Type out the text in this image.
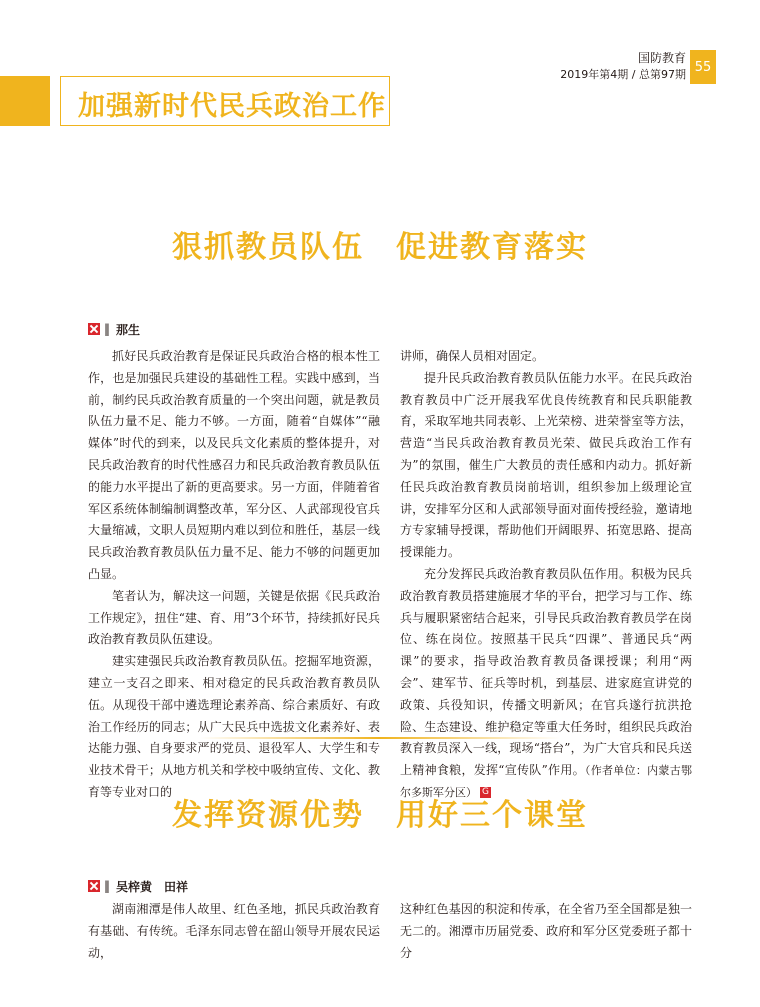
加强新时代民兵政治工作
国防教育
2019年第4期 / 总第97期 55
狠抓教员队伍　促进教育落实
‖ 那生

抓好民兵政治教育是保证民兵政治合格的根本性工作，也是加强民兵建设的基础性工程。实践中感到，当前，制约民兵政治教育质量的一个突出问题，就是教员队伍力量不足、能力不够。一方面，随着“自媒体”“融媒体”时代的到来，以及民兵文化素质的整体提升，对民兵政治教育的时代性感召力和民兵政治教育教员队伍的能力水平提出了新的更高要求。另一方面，伴随着省军区系统体制编制调整改革，军分区、人武部现役官兵大量缩减，文职人员短期内难以到位和胜任，基层一线民兵政治教育教员队伍力量不足、能力不够的问题更加凸显。

笔者认为，解决这一问题，关键是依据《民兵政治工作规定》，扭住“建、育、用”3个环节，持续抓好民兵政治教育教员队伍建设。

建实建强民兵政治教育教员队伍。挖掘军地资源，建立一支召之即来、相对稳定的民兵政治教育教员队伍。从现役干部中遴选理论素养高、综合素质好、有政治工作经历的同志；从广大民兵中选拔文化素养好、表达能力强、自身要求严的党员、退役军人、大学生和专业技术骨干；从地方机关和学校中吸纳宣传、文化、教育等专业对口的

讲师，确保人员相对固定。

提升民兵政治教育教员队伍能力水平。在民兵政治教育教员中广泛开展我军优良传统教育和民兵职能教育，采取军地共同表彰、上光荣榜、进荣誉室等方法，营造“当民兵政治教育教员光荣、做民兵政治工作有为”的氛围，催生广大教员的责任感和内动力。抓好新任民兵政治教育教员岗前培训，组织参加上级理论宣讲，安排军分区和人武部领导面对面传授经验，邀请地方专家辅导授课，帮助他们开阔眼界、拓宽思路、提高授课能力。

充分发挥民兵政治教育教员队伍作用。积极为民兵政治教育教员搭建施展才华的平台，把学习与工作、练兵与履职紧密结合起来，引导民兵政治教育教员学在岗位、练在岗位。按照基干民兵“四课”、普通民兵“两课”的要求，指导政治教育教员备课授课；利用“两会”、建军节、征兵等时机，到基层、进家庭宣讲党的政策、兵役知识，传播文明新风；在官兵遂行抗洪抢险、生态建设、维护稳定等重大任务时，组织民兵政治教育教员深入一线，现场“搭台”，为广大官兵和民兵送上精神食粮，发挥“宣传队”作用。（作者单位：内蒙古鄂尔多斯军分区） G

发挥资源优势　用好三个课堂
‖ 吴梓黄　田祥

湖南湘潭是伟人故里、红色圣地，抓民兵政治教育有基础、有传统。毛泽东同志曾在韶山领导开展农民运动，

这种红色基因的积淀和传承，在全省乃至全国都是独一无二的。湘潭市历届党委、政府和军分区党委班子都十分
